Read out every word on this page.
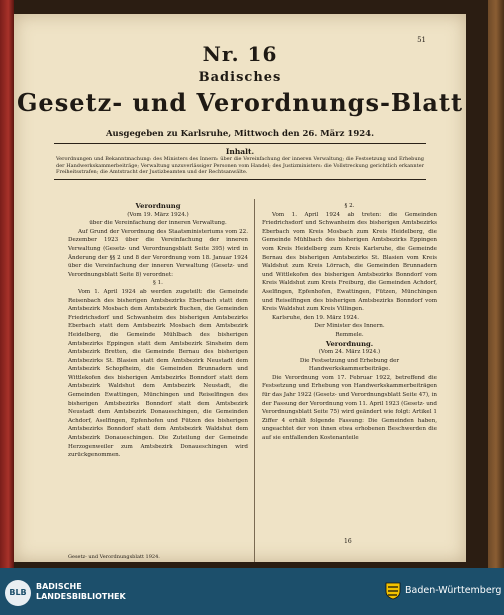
51
Nr. 16
Badisches
Gesetz- und Verordnungs-Blatt
Ausgegeben zu Karlsruhe, Mittwoch den 26. März 1924.
Inhalt.
Verordnungen und Bekanntmachung: des Ministers des Innern: über die Vereinfachung der inneren Verwaltung; die Festsetzung und Erhebung der Handwerkskammerbeiträge; Verwaltung unzuverlässiger Personen vom Handel; des Justizministers: die Vollstreckung gerichtlich erkannter Freiheitsstrafen; die Amtstracht der Justizbeamten und der Rechtsanwälte.

Verordnung

(Vom 19. März 1924.)

über die Vereinfachung der inneren Verwaltung.

Auf Grund der Verordnung des Staatsministeriums vom 22. Dezember 1923 über die Vereinfachung der inneren Verwaltung (Gesetz- und Verordnungsblatt Seite 395) wird in Änderung der §§ 2 und 8 der Verordnung vom 18. Januar 1924 über die Vereinfachung der inneren Verwaltung (Gesetz- und Verordnungsblatt Seite 8) verordnet:

§ 1.

Vom 1. April 1924 ab werden zugeteilt: die Gemeinde Reisenbach des bisherigen Amtsbezirks Eberbach statt dem Amtsbezirk Mosbach dem Amtsbezirk Buchen, die Gemeinden Friedrichsdorf und Schwanheim des bisherigen Amtsbezirks Eberbach statt dem Amtsbezirk Mosbach dem Amtsbezirk Heidelberg, die Gemeinde Mühlbach des bisherigen Amtsbezirks Eppingen statt dem Amtsbezirk Sinsheim dem Amtsbezirk Bretten, die Gemeinde Bernau des bisherigen Amtsbezirks St. Blasien statt dem Amtsbezirk Neustadt dem Amtsbezirk Schopfheim, die Gemeinden Brunnadern und Wittlekofen des bisherigen Amtsbezirks Bonndorf statt dem Amtsbezirk Waldshut dem Amtsbezirk Neustadt, die Gemeinden Ewattingen, Münchingen und Reiselfingen des bisherigen Amtsbezirks Bonndorf statt dem Amtsbezirk Neustadt dem Amtsbezirk Donaueschingen, die Gemeinden Achdorf, Aselfingen, Epfenhofen und Fützen des bisherigen Amtsbezirks Bonndorf statt dem Amtsbezirk Waldshut dem Amtsbezirk Donaueschingen. Die Zuteilung der Gemeinde Herzogenweiler zum Amtsbezirk Donaueschingen wird zurückgenommen.

§ 2.

Vom 1. April 1924 ab treten: die Gemeinden Friedrichsdorf und Schwanheim des bisherigen Amtsbezirks Eberbach vom Kreis Mosbach zum Kreis Heidelberg, die Gemeinde Mühlbach des bisherigen Amtsbezirks Eppingen vom Kreis Heidelberg zum Kreis Karlsruhe, die Gemeinde Bernau des bisherigen Amtsbezirks St. Blasien vom Kreis Waldshut zum Kreis Lörrach, die Gemeinden Brunnadern und Wittlekofen des bisherigen Amtsbezirks Bonndorf vom Kreis Waldshut zum Kreis Freiburg, die Gemeinden Achdorf, Aselfingen, Epfenhofen, Ewattingen, Fützen, Münchingen und Reiselfingen des bisherigen Amtsbezirks Bonndorf vom Kreis Waldshut zum Kreis Villingen.

Karlsruhe, den 19. März 1924.

Der Minister des Innern.

Remmele.

Verordnung.

(Vom 24. März 1924.)

Die Festsetzung und Erhebung der Handwerkskammerbeiträge.

Die Verordnung vom 17. Februar 1922, betreffend die Festsetzung und Erhebung von Handwerkskammerbeiträgen für das Jahr 1922 (Gesetz- und Verordnungsblatt Seite 47), in der Fassung der Verordnung vom 11. April 1923 (Gesetz- und Verordnungsblatt Seite 75) wird geändert wie folgt: Artikel 1 Ziffer 4 erhält folgende Fassung: Die Gemeinden haben, ungeachtet der von ihnen etwa erhobenen Beschwerden die auf sie entfallenden Kostenanteile

16
Gesetz- und Verordnungsblatt 1924.
BLB
BADISCHE
LANDESBIBLIOTHEK
Baden-Württemberg
